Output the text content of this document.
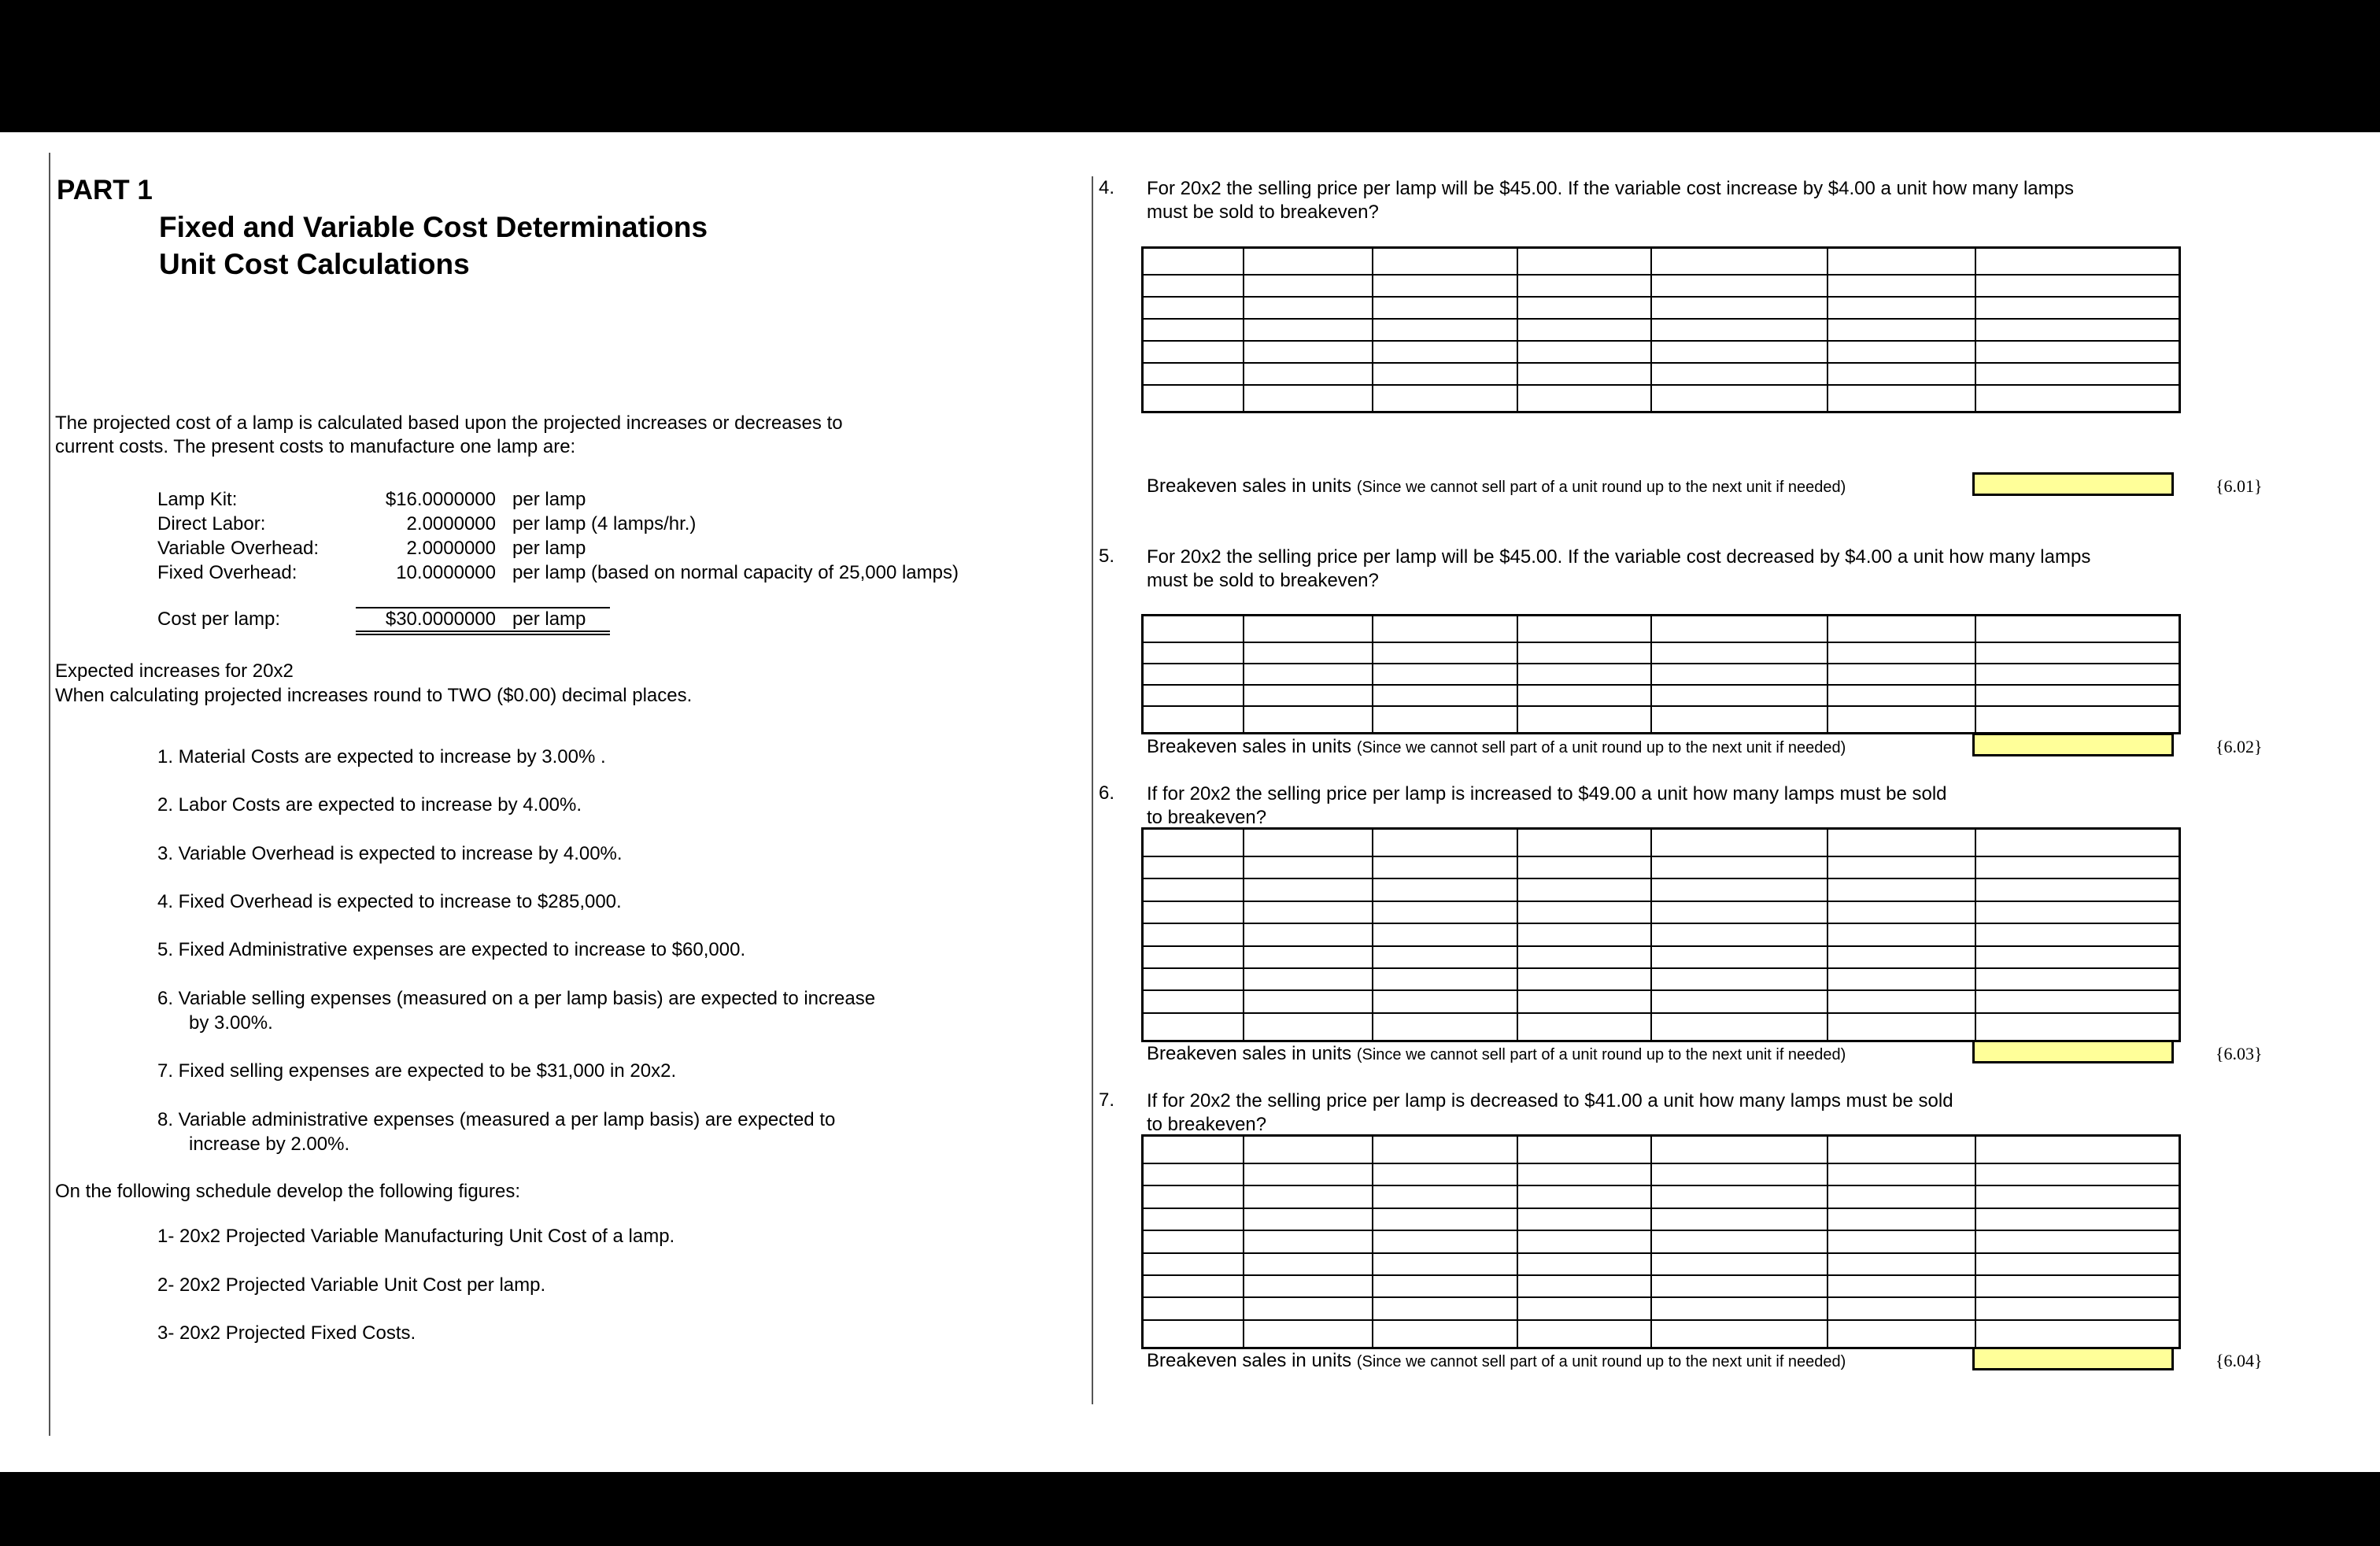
PART 1
Fixed and Variable Cost Determinations
Unit Cost Calculations
The projected cost of a lamp is calculated based upon the projected increases or decreases to
current costs. The present costs to manufacture one lamp are:
Lamp Kit:	$16.0000000 per lamp
Direct Labor:	2.0000000 per lamp (4 lamps/hr.)
Variable Overhead:	2.0000000 per lamp
Fixed Overhead:	10.0000000 per lamp (based on normal capacity of 25,000 lamps)
Cost per lamp:	$30.0000000 per lamp
Expected increases for 20x2
When calculating projected increases round to TWO ($0.00) decimal places.
1. Material Costs are expected to increase by 3.00% .
2. Labor Costs are expected to increase by 4.00%.
3. Variable Overhead is expected to increase by 4.00%.
4. Fixed Overhead is expected to increase to $285,000.
5. Fixed Administrative expenses are expected to increase to $60,000.
6. Variable selling expenses (measured on a per lamp basis) are expected to increase
by 3.00%.
7. Fixed selling expenses are expected to be $31,000 in 20x2.
8. Variable administrative expenses (measured a per lamp basis) are expected to
increase by 2.00%.
On the following schedule develop the following figures:
1- 20x2 Projected Variable Manufacturing Unit Cost of a lamp.
2- 20x2 Projected Variable Unit Cost per lamp.
3- 20x2 Projected Fixed Costs.
4. For 20x2 the selling price per lamp will be $45.00. If the variable cost increase by $4.00 a unit how many lamps
must be sold to breakeven?

Breakeven sales in units (Since we cannot sell part of a unit round up to the next unit if needed)	{6.01}
5. For 20x2 the selling price per lamp will be $45.00. If the variable cost decreased by $4.00 a unit how many lamps
must be sold to breakeven?

Breakeven sales in units (Since we cannot sell part of a unit round up to the next unit if needed)	{6.02}
6. If for 20x2 the selling price per lamp is increased to $49.00 a unit how many lamps must be sold
to breakeven?

Breakeven sales in units (Since we cannot sell part of a unit round up to the next unit if needed)	{6.03}
7. If for 20x2 the selling price per lamp is decreased to $41.00 a unit how many lamps must be sold
to breakeven?

Breakeven sales in units (Since we cannot sell part of a unit round up to the next unit if needed)	{6.04}
